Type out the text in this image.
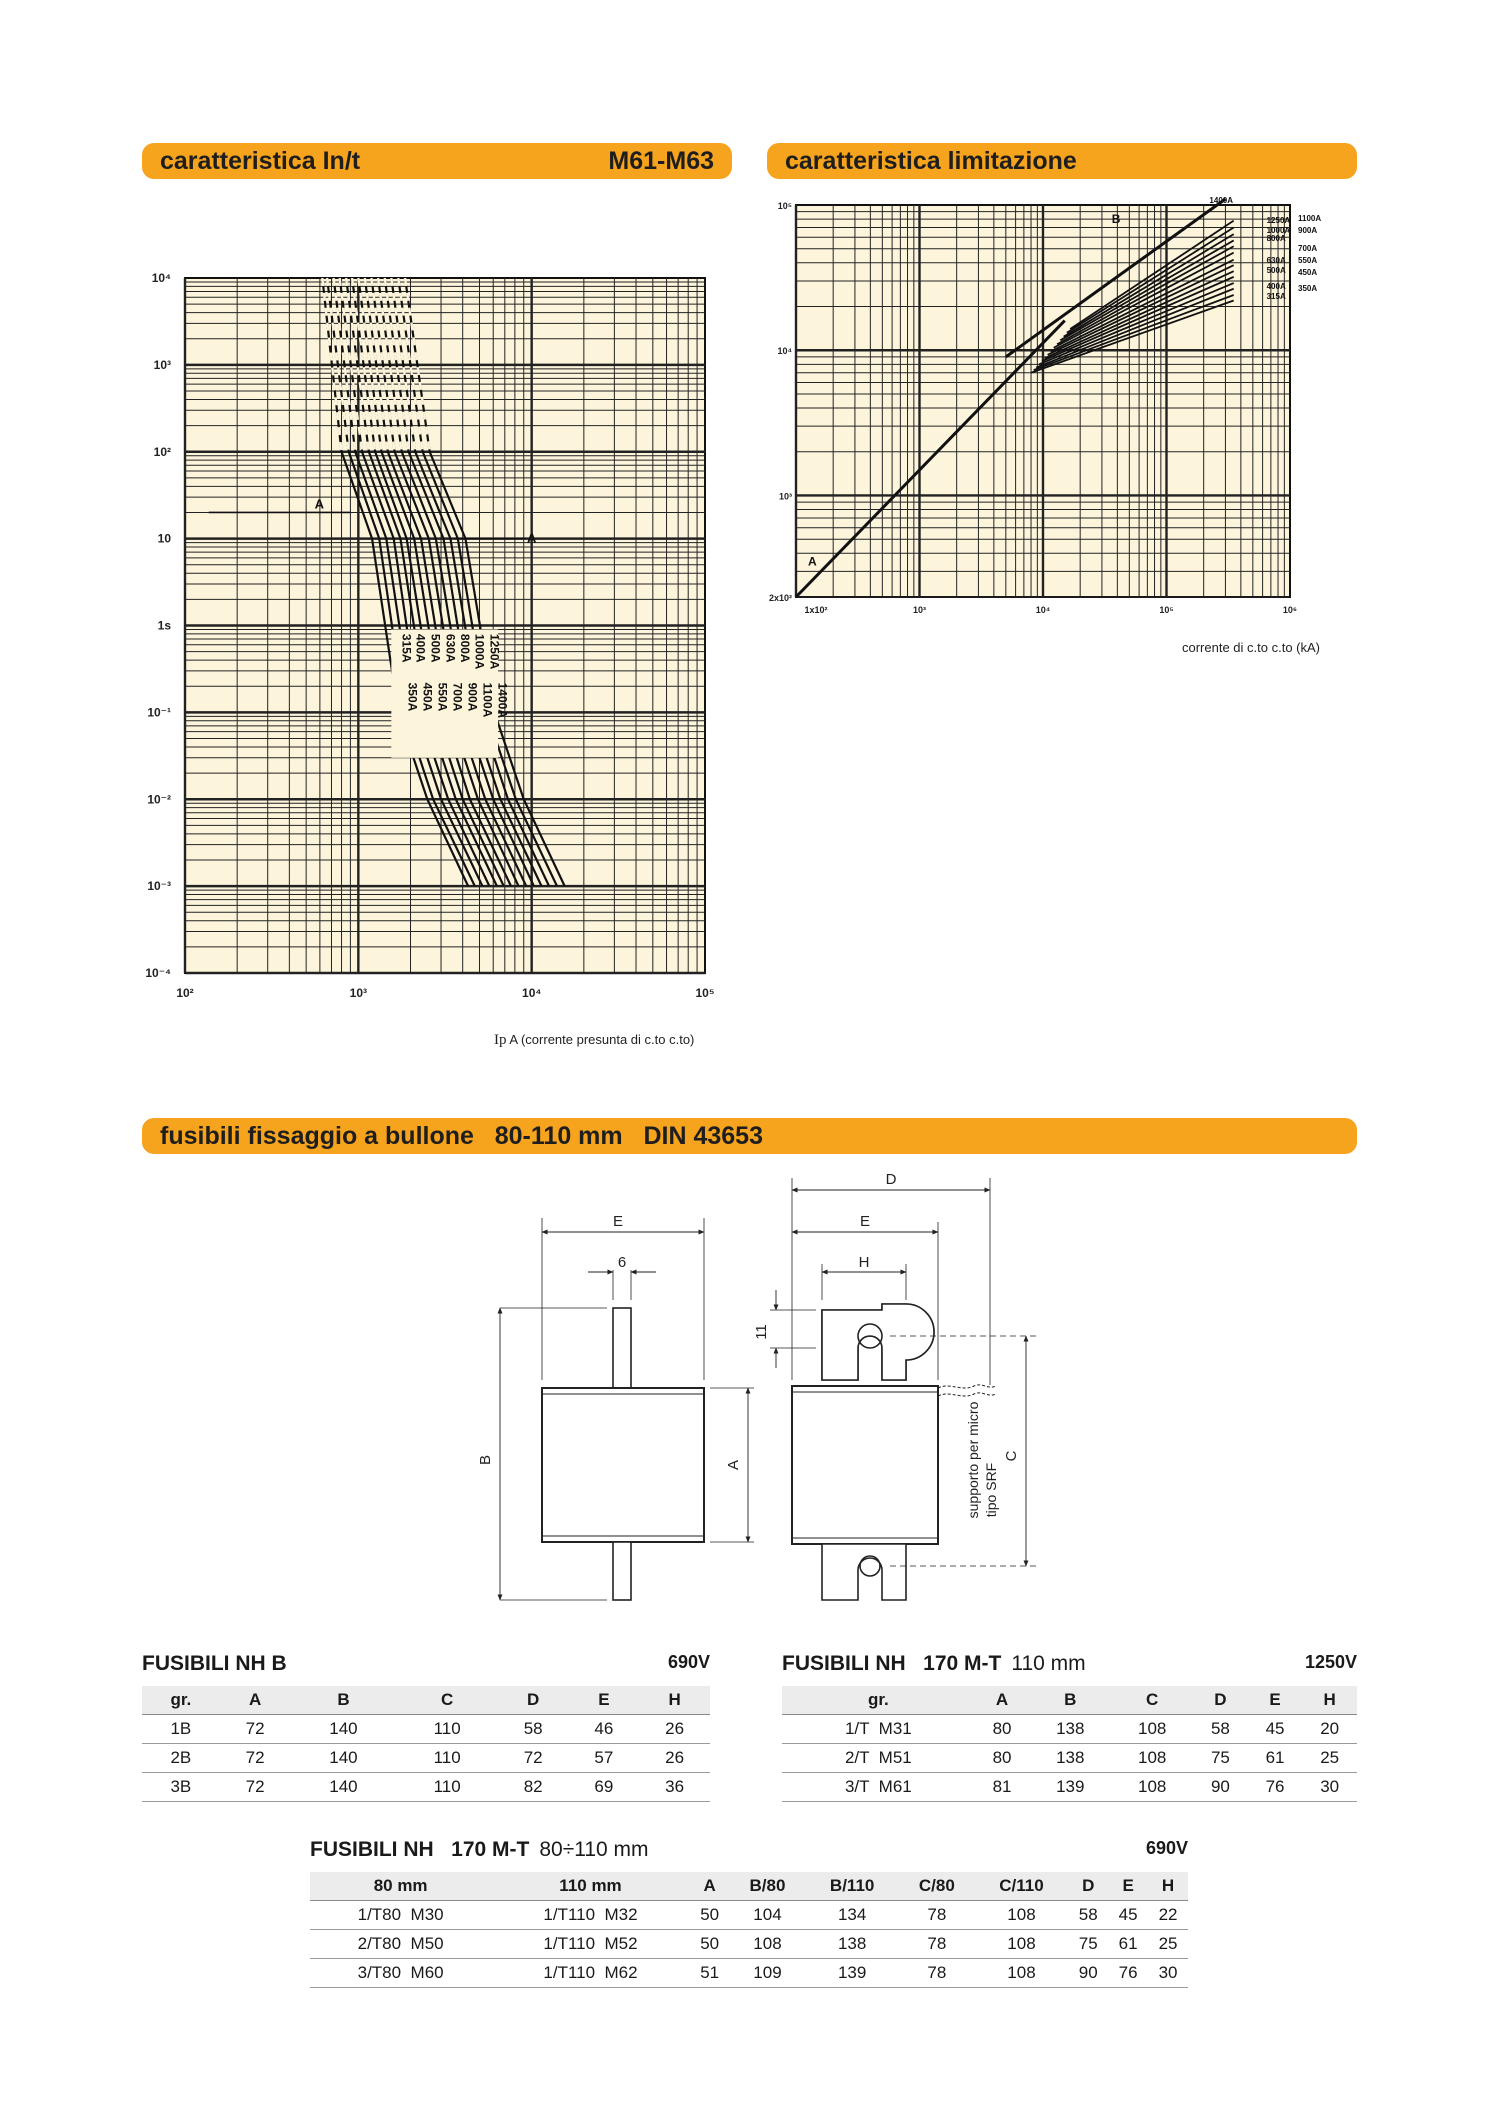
caratteristica In/t	M61-M63	caratteristica limitazione
10⁴
10³
10²
10
1s
10⁻¹
10⁻²
10⁻³
10⁻⁴
10²	10³	10⁴	10⁵
A
A
315A
350A
400A
450A
500A
550A
630A
700A
800A
900A
1000A
1100A
1250A
1400A
Ip A (corrente presunta di c.to c.to)
10⁵
10⁴
10³
2x10²
1x10²	10³	10⁴	10⁵	10⁶
A
B
1400A
1250A
1000A
800A
630A
500A
400A
315A
1100A
900A
700A
550A
450A
350A
corrente di c.to c.to (kA)
fusibili fissaggio a bullone   80-110 mm   DIN 43653
E
6
B	A
D
E
H
11
C
supporto per micro tipo SRF
FUSIBILI NH B	690V
gr.	A	B	C	D	E	H
1B	72	140	110	58	46	26
2B	72	140	110	72	57	26
3B	72	140	110	82	69	36
FUSIBILI NH   170 M-T 110 mm	1250V
gr.	A	B	C	D	E	H
1/T  M31	80	138	108	58	45	20
2/T  M51	80	138	108	75	61	25
3/T  M61	81	139	108	90	76	30
FUSIBILI NH   170 M-T 80÷110 mm	690V
80 mm	110 mm	A	B/80	B/110	C/80	C/110	D	E	H
1/T80  M30	1/T110  M32	50	104	134	78	108	58	45	22
2/T80  M50	1/T110  M52	50	108	138	78	108	75	61	25
3/T80  M60	1/T110  M62	51	109	139	78	108	90	76	30
